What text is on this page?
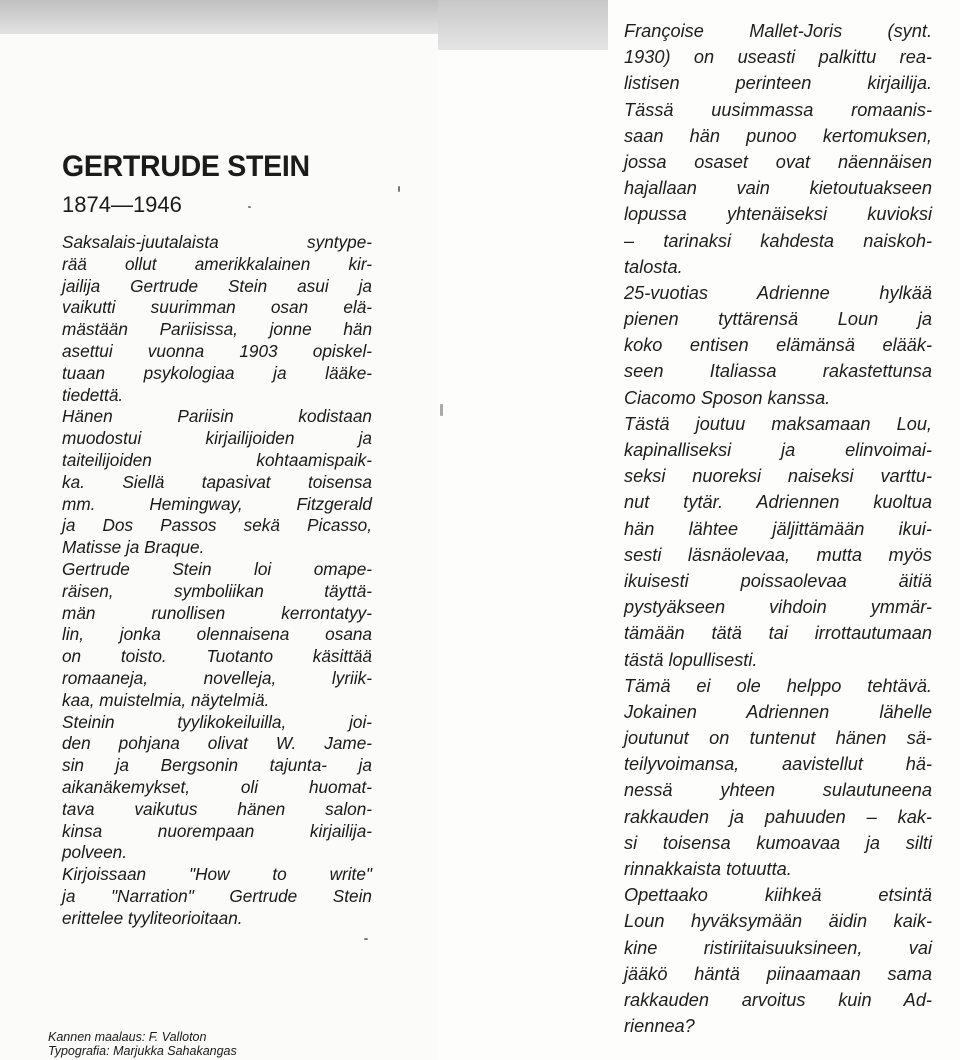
GERTRUDE STEIN
1874—1946
Saksalais-juutalaista syntype-
rää ollut amerikkalainen kir-
jailija Gertrude Stein asui ja
vaikutti suurimman osan elä-
mästään Pariisissa, jonne hän
asettui vuonna 1903 opiskel-
tuaan psykologiaa ja lääke-
tiedettä.
Hänen Pariisin kodistaan
muodostui kirjailijoiden ja
taiteilijoiden kohtaamispaik-
ka. Siellä tapasivat toisensa
mm. Hemingway, Fitzgerald
ja Dos Passos sekä Picasso,
Matisse ja Braque.
Gertrude Stein loi omape-
räisen, symboliikan täyttä-
män runollisen kerrontatyy-
lin, jonka olennaisena osana
on toisto. Tuotanto käsittää
romaaneja, novelleja, lyriik-
kaa, muistelmia, näytelmiä.
Steinin tyylikokeiluilla, joi-
den pohjana olivat W. Jame-
sin ja Bergsonin tajunta- ja
aikanäkemykset, oli huomat-
tava vaikutus hänen salon-
kinsa nuorempaan kirjailija-
polveen.
Kirjoissaan "How to write"
ja "Narration" Gertrude Stein
erittelee tyyliteorioitaan.
Kannen maalaus: F. Valloton
Typografia: Marjukka Sahakangas
Françoise Mallet-Joris (synt.
1930) on useasti palkittu rea-
listisen perinteen kirjailija.
Tässä uusimmassa romaanis-
saan hän punoo kertomuksen,
jossa osaset ovat näennäisen
hajallaan vain kietoutuakseen
lopussa yhtenäiseksi kuvioksi
– tarinaksi kahdesta naiskoh-
talosta.
25-vuotias Adrienne hylkää
pienen tyttärensä Loun ja
koko entisen elämänsä elääk-
seen Italiassa rakastettunsa
Ciacomo Sposon kanssa.
Tästä joutuu maksamaan Lou,
kapinalliseksi ja elinvoimai-
seksi nuoreksi naiseksi varttu-
nut tytär. Adriennen kuoltua
hän lähtee jäljittämään ikui-
sesti läsnäolevaa, mutta myös
ikuisesti poissaolevaa äitiä
pystyäkseen vihdoin ymmär-
tämään tätä tai irrottautumaan
tästä lopullisesti.
Tämä ei ole helppo tehtävä.
Jokainen Adriennen lähelle
joutunut on tuntenut hänen sä-
teilyvoimansa, aavistellut hä-
nessä yhteen sulautuneena
rakkauden ja pahuuden – kak-
si toisensa kumoavaa ja silti
rinnakkaista totuutta.
Opettaako kiihkeä etsintä
Loun hyväksymään äidin kaik-
kine ristiriitaisuuksineen, vai
jääkö häntä piinaamaan sama
rakkauden arvoitus kuin Ad-
riennea?
